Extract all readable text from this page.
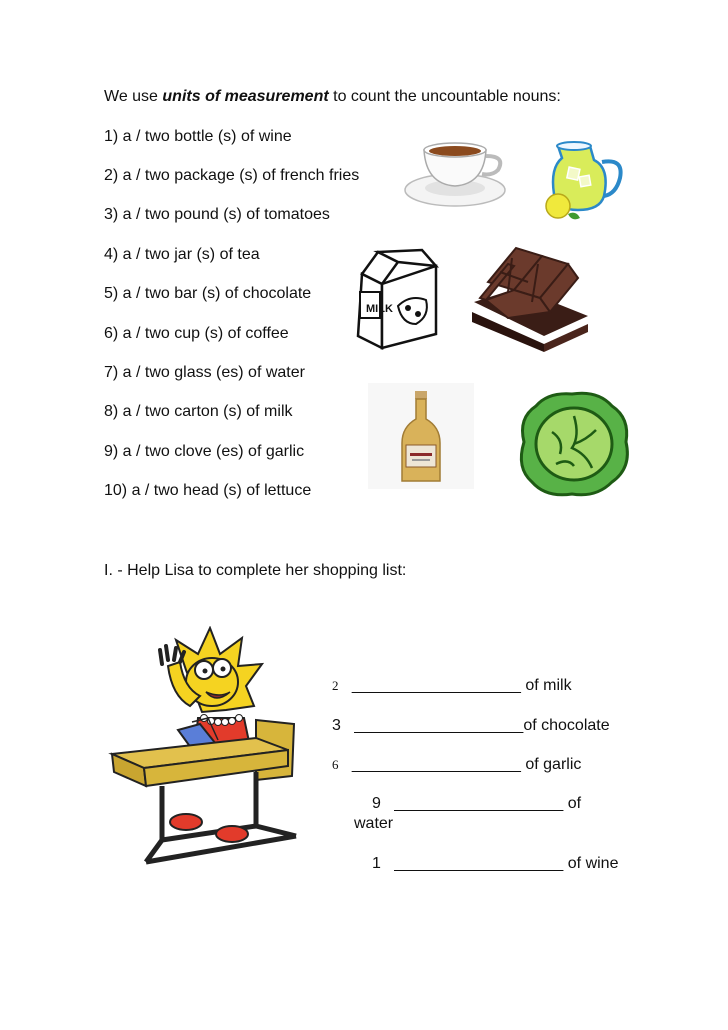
We use units of measurement to count the uncountable nouns:
1) a / two bottle (s) of wine
2) a / two package (s) of french fries
3) a / two pound (s) of tomatoes
4) a / two jar (s) of tea
5) a / two bar (s) of chocolate
6) a / two cup (s) of coffee
7) a / two glass (es) of water
8) a / two carton (s) of milk
9) a / two clove (es) of garlic
10) a / two head (s) of lettuce
MILK
I. - Help Lisa to complete her shopping list:
2 ___________________ of milk
3 ___________________of chocolate
6 ___________________ of garlic
9 ___________________ of
water
1 ___________________ of wine
